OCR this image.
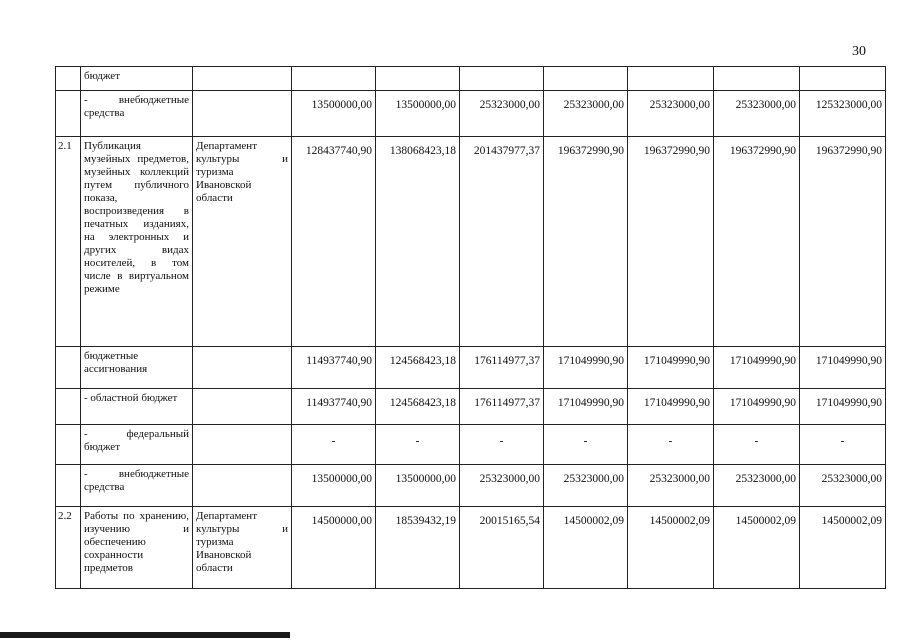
30
	бюджет								
	- внебюджетные средства		13500000,00	13500000,00	25323000,00	25323000,00	25323000,00	25323000,00	125323000,00
2.1	Публикация музейных предметов, музейных коллекций путем публичного показа, воспроизведения в печатных изданиях, на электронных и других видах носителей, в том числе в виртуальном режиме	Департамент культуры и туризма Ивановской области	128437740,90	138068423,18	201437977,37	196372990,90	196372990,90	196372990,90	196372990,90
	бюджетные ассигнования		114937740,90	124568423,18	176114977,37	171049990,90	171049990,90	171049990,90	171049990,90
	- областной бюджет		114937740,90	124568423,18	176114977,37	171049990,90	171049990,90	171049990,90	171049990,90
	- федеральный бюджет		-	-	-	-	-	-	-
	- внебюджетные средства		13500000,00	13500000,00	25323000,00	25323000,00	25323000,00	25323000,00	25323000,00
2.2	Работы по хранению, изучению и обеспечению сохранности предметов	Департамент культуры и туризма Ивановской области	14500000,00	18539432,19	20015165,54	14500002,09	14500002,09	14500002,09	14500002,09
